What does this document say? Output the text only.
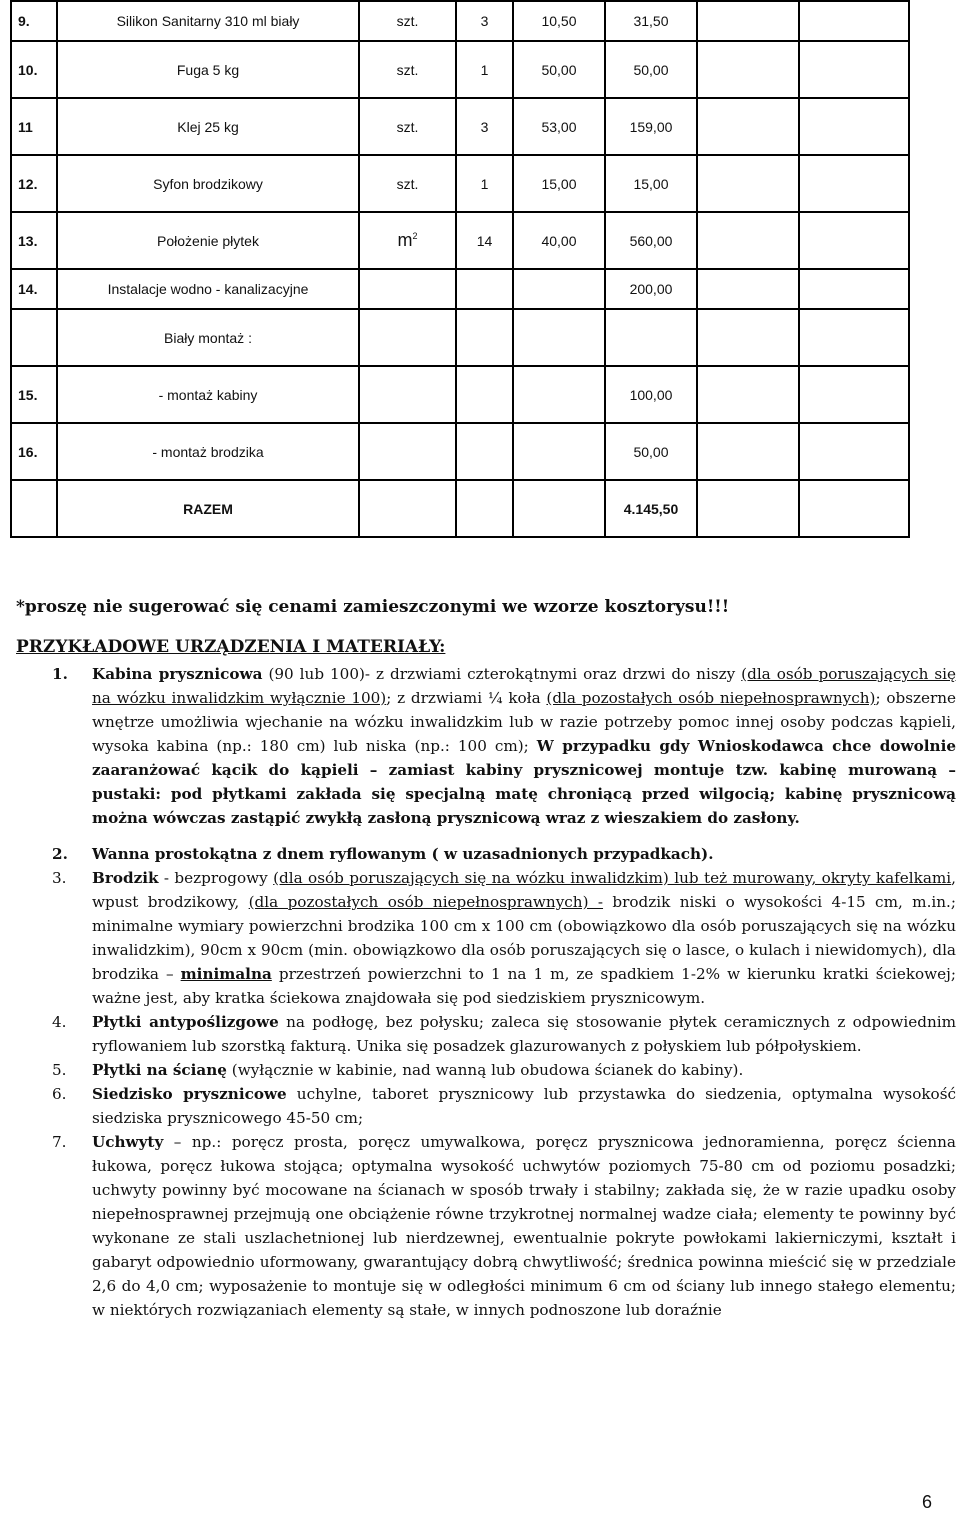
9.	Silikon Sanitarny 310 ml biały	szt.	3	10,50	31,50		
10.	Fuga 5 kg	szt.	1	50,00	50,00		
11	Klej 25 kg	szt.	3	53,00	159,00		
12.	Syfon brodzikowy	szt.	1	15,00	15,00		
13.	Położenie płytek	$m^2$	14	40,00	560,00		
14.	Instalacje wodno - kanalizacyjne				200,00		
	Biały montaż :						
15.	- montaż kabiny				100,00		
16.	- montaż brodzika				50,00		
	RAZEM				4.145,50		

*proszę nie sugerować się cenami zamieszczonymi we wzorze kosztorysu!!!

PRZYKŁADOWE URZĄDZENIA I MATERIAŁY:

1. Kabina prysznicowa (90 lub 100)- z drzwiami czterokątnymi oraz drzwi do niszy (dla osób poruszających się na wózku inwalidzkim wyłącznie 100); z drzwiami ¼ koła (dla pozostałych osób niepełnosprawnych); obszerne wnętrze umożliwia wjechanie na wózku inwalidzkim lub w razie potrzeby pomoc innej osoby podczas kąpieli, wysoka kabina (np.: 180 cm) lub niska (np.: 100 cm); W przypadku gdy Wnioskodawca chce dowolnie zaaranżować kącik do kąpieli – zamiast kabiny prysznicowej montuje tzw. kabinę murowaną – pustaki: pod płytkami zakłada się specjalną matę chroniącą przed wilgocią; kabinę prysznicową można wówczas zastąpić zwykłą zasłoną prysznicową wraz z wieszakiem do zasłony.
2. Wanna prostokątna z dnem ryflowanym ( w uzasadnionych przypadkach).
3. Brodzik - bezprogowy (dla osób poruszających się na wózku inwalidzkim) lub też murowany, okryty kafelkami, wpust brodzikowy, (dla pozostałych osób niepełnosprawnych) - brodzik niski o wysokości 4-15 cm, m.in.; minimalne wymiary powierzchni brodzika 100 cm x 100 cm (obowiązkowo dla osób poruszających się na wózku inwalidzkim), 90cm x 90cm (min. obowiązkowo dla osób poruszających się o lasce, o kulach i niewidomych), dla brodzika – minimalna przestrzeń powierzchni to 1 na 1 m, ze spadkiem 1-2% w kierunku kratki ściekowej; ważne jest, aby kratka ściekowa znajdowała się pod siedziskiem prysznicowym.
4. Płytki antypoślizgowe na podłogę, bez połysku; zaleca się stosowanie płytek ceramicznych z odpowiednim ryflowaniem lub szorstką fakturą. Unika się posadzek glazurowanych z połyskiem lub półpołyskiem.
5. Płytki na ścianę (wyłącznie w kabinie, nad wanną lub obudowa ścianek do kabiny).
6. Siedzisko prysznicowe uchylne, taboret prysznicowy lub przystawka do siedzenia, optymalna wysokość siedziska prysznicowego 45-50 cm;
7. Uchwyty – np.: poręcz prosta, poręcz umywalkowa, poręcz prysznicowa jednoramienna, poręcz ścienna łukowa, poręcz łukowa stojąca; optymalna wysokość uchwytów poziomych 75-80 cm od poziomu posadzki; uchwyty powinny być mocowane na ścianach w sposób trwały i stabilny; zakłada się, że w razie upadku osoby niepełnosprawnej przejmują one obciążenie równe trzykrotnej normalnej wadze ciała; elementy te powinny być wykonane ze stali uszlachetnionej lub nierdzewnej, ewentualnie pokryte powłokami lakierniczymi, kształt i gabaryt odpowiednio uformowany, gwarantujący dobrą chwytliwość; średnica powinna mieścić się w przedziale 2,6 do 4,0 cm; wyposażenie to montuje się w odległości minimum 6 cm od ściany lub innego stałego elementu; w niektórych rozwiązaniach elementy są stałe, w innych podnoszone lub doraźnie
6
